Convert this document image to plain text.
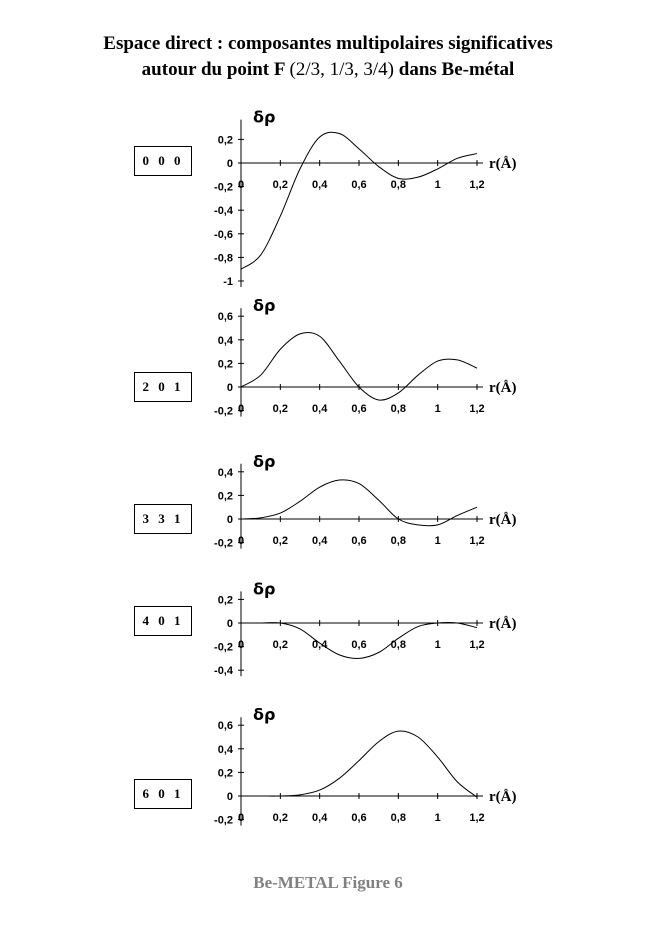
Espace direct : composantes multipolaires significatives
autour du point F (2/3, 1/3, 3/4) dans Be-métal
0 0 0
2 0 1
3 3 1
4 0 1
6 0 1
0,2
0
-0,2
-0,4
-0,6
-0,8
-1
0	0,2 0,4 0,6 0,8	1	1,2
δρ
r(Å)
0,6
0,4
0,2
0
-0,2 0	0,2 0,4 0,6 0,8	1	1,2
δρ
r(Å)
0,4
0,2
0
-0,2 0	0,2 0,4 0,6 0,8	1	1,2
δρ
r(Å)
0,2
0
-0,2
-0,4
0	0,2 0,4 0,6 0,8	1	1,2
δρ
r(Å)
0,6
0,4
0,2
0
-0,2 0	0,2 0,4 0,6 0,8	1	1,2
δρ
r(Å)
Be-METAL Figure 6
